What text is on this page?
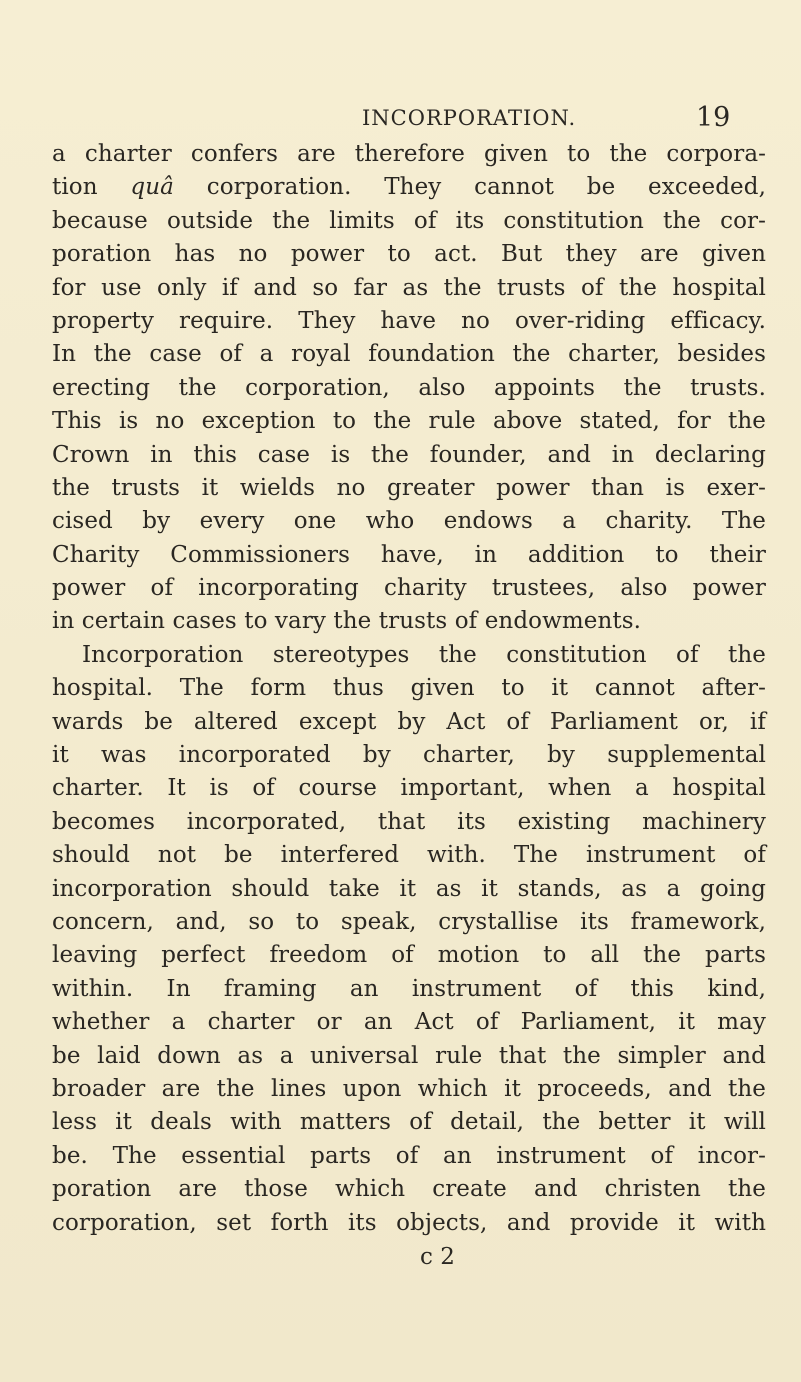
INCORPORATION.	19
a charter confers are therefore given to the corpora-
tion quâ corporation. They cannot be exceeded,
because outside the limits of its constitution the cor-
poration has no power to act. But they are given
for use only if and so far as the trusts of the hospital
property require. They have no over-riding efficacy.
In the case of a royal foundation the charter, besides
erecting the corporation, also appoints the trusts.
This is no exception to the rule above stated, for the
Crown in this case is the founder, and in declaring
the trusts it wields no greater power than is exer-
cised by every one who endows a charity. The
Charity Commissioners have, in addition to their
power of incorporating charity trustees, also power
in certain cases to vary the trusts of endowments.
Incorporation stereotypes the constitution of the
hospital. The form thus given to it cannot after-
wards be altered except by Act of Parliament or, if
it was incorporated by charter, by supplemental
charter. It is of course important, when a hospital
becomes incorporated, that its existing machinery
should not be interfered with. The instrument of
incorporation should take it as it stands, as a going
concern, and, so to speak, crystallise its framework,
leaving perfect freedom of motion to all the parts
within. In framing an instrument of this kind,
whether a charter or an Act of Parliament, it may
be laid down as a universal rule that the simpler and
broader are the lines upon which it proceeds, and the
less it deals with matters of detail, the better it will
be. The essential parts of an instrument of incor-
poration are those which create and christen the
corporation, set forth its objects, and provide it with
c 2
